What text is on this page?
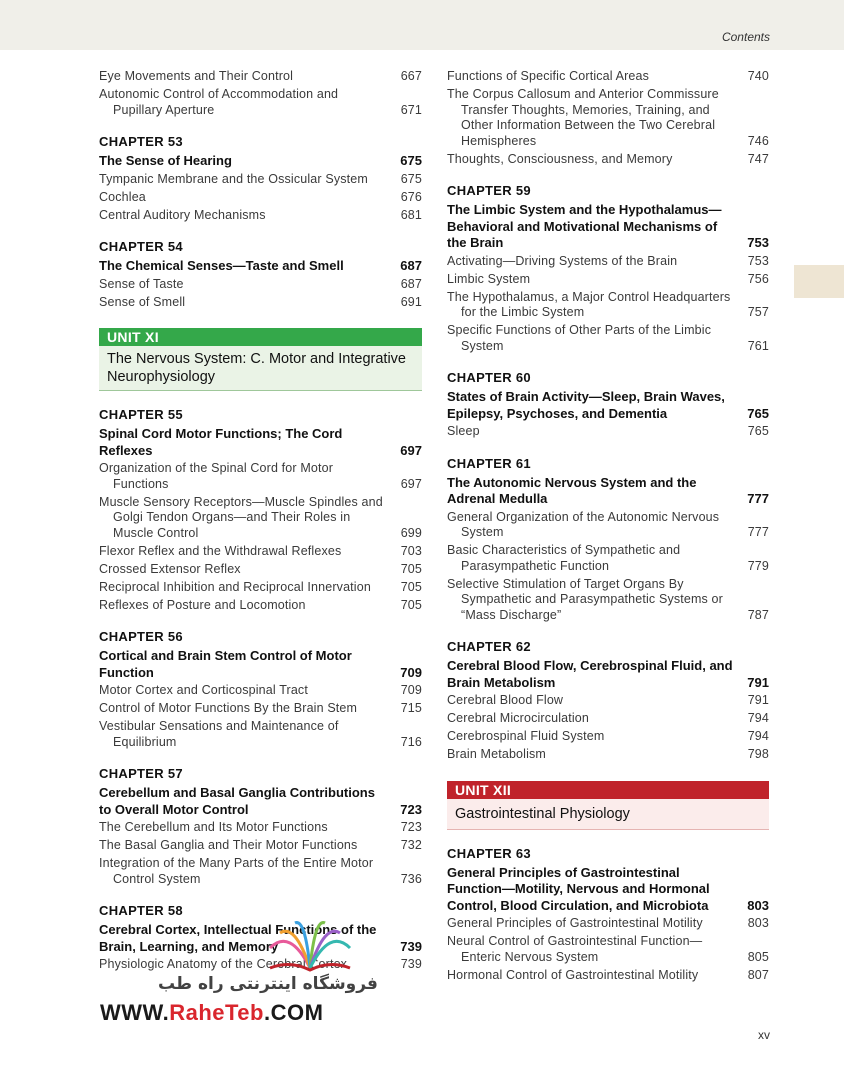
Contents
Eye Movements and Their Control	667
Autonomic Control of Accommodation and Pupillary Aperture	671
CHAPTER 53
The Sense of Hearing	675
Tympanic Membrane and the Ossicular System	675
Cochlea	676
Central Auditory Mechanisms	681
CHAPTER 54
The Chemical Senses—Taste and Smell	687
Sense of Taste	687
Sense of Smell	691
UNIT XI
The Nervous System: C. Motor and Integrative Neurophysiology
CHAPTER 55
Spinal Cord Motor Functions; The Cord Reflexes	697
Organization of the Spinal Cord for Motor Functions	697
Muscle Sensory Receptors—Muscle Spindles and Golgi Tendon Organs—and Their Roles in Muscle Control	699
Flexor Reflex and the Withdrawal Reflexes	703
Crossed Extensor Reflex	705
Reciprocal Inhibition and Reciprocal Innervation	705
Reflexes of Posture and Locomotion	705
CHAPTER 56
Cortical and Brain Stem Control of Motor Function	709
Motor Cortex and Corticospinal Tract	709
Control of Motor Functions By the Brain Stem	715
Vestibular Sensations and Maintenance of Equilibrium	716
CHAPTER 57
Cerebellum and Basal Ganglia Contributions to Overall Motor Control	723
The Cerebellum and Its Motor Functions	723
The Basal Ganglia and Their Motor Functions	732
Integration of the Many Parts of the Entire Motor Control System	736
CHAPTER 58
Cerebral Cortex, Intellectual Functions of the Brain, Learning, and Memory	739
Physiologic Anatomy of the Cerebral Cortex	739
Functions of Specific Cortical Areas	740
The Corpus Callosum and Anterior Commissure Transfer Thoughts, Memories, Training, and Other Information Between the Two Cerebral Hemispheres	746
Thoughts, Consciousness, and Memory	747
CHAPTER 59
The Limbic System and the Hypothalamus—Behavioral and Motivational Mechanisms of the Brain	753
Activating—Driving Systems of the Brain	753
Limbic System	756
The Hypothalamus, a Major Control Headquarters for the Limbic System	757
Specific Functions of Other Parts of the Limbic System	761
CHAPTER 60
States of Brain Activity—Sleep, Brain Waves, Epilepsy, Psychoses, and Dementia	765
Sleep	765
CHAPTER 61
The Autonomic Nervous System and the Adrenal Medulla	777
General Organization of the Autonomic Nervous System	777
Basic Characteristics of Sympathetic and Parasympathetic Function	779
Selective Stimulation of Target Organs By Sympathetic and Parasympathetic Systems or “Mass Discharge”	787
CHAPTER 62
Cerebral Blood Flow, Cerebrospinal Fluid, and Brain Metabolism	791
Cerebral Blood Flow	791
Cerebral Microcirculation	794
Cerebrospinal Fluid System	794
Brain Metabolism	798
UNIT XII
Gastrointestinal Physiology
CHAPTER 63
General Principles of Gastrointestinal Function—Motility, Nervous and Hormonal Control, Blood Circulation, and Microbiota	803
General Principles of Gastrointestinal Motility	803
Neural Control of Gastrointestinal Function—Enteric Nervous System	805
Hormonal Control of Gastrointestinal Motility	807
فروشگاه اینترنتی راه طب
WWW.RaheTeb.COM
xv
